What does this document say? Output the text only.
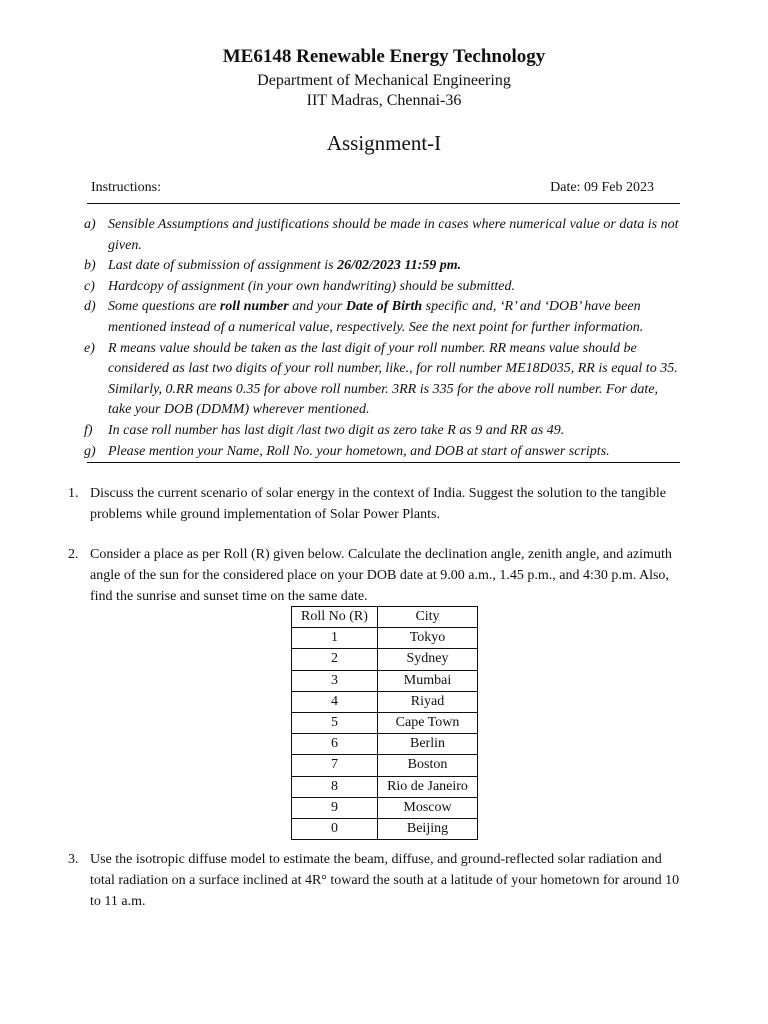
ME6148 Renewable Energy Technology
Department of Mechanical Engineering
IIT Madras, Chennai-36
Assignment-I
Instructions:	Date: 09 Feb 2023
a) Sensible Assumptions and justifications should be made in cases where numerical value or data is not given.
b) Last date of submission of assignment is 26/02/2023 11:59 pm.
c) Hardcopy of assignment (in your own handwriting) should be submitted.
d) Some questions are roll number and your Date of Birth specific and, ‘R’ and ‘DOB’ have been mentioned instead of a numerical value, respectively. See the next point for further information.
e) R means value should be taken as the last digit of your roll number. RR means value should be considered as last two digits of your roll number, like., for roll number ME18D035, RR is equal to 35. Similarly, 0.RR means 0.35 for above roll number. 3RR is 335 for the above roll number. For date, take your DOB (DDMM) wherever mentioned.
f) In case roll number has last digit /last two digit as zero take R as 9 and RR as 49.
g) Please mention your Name, Roll No. your hometown, and DOB at start of answer scripts.
1. Discuss the current scenario of solar energy in the context of India. Suggest the solution to the tangible problems while ground implementation of Solar Power Plants.
2. Consider a place as per Roll (R) given below. Calculate the declination angle, zenith angle, and azimuth angle of the sun for the considered place on your DOB date at 9.00 a.m., 1.45 p.m., and 4:30 p.m. Also, find the sunrise and sunset time on the same date.
Roll No (R)	City
1	Tokyo
2	Sydney
3	Mumbai
4	Riyad
5	Cape Town
6	Berlin
7	Boston
8	Rio de Janeiro
9	Moscow
0	Beijing
3. Use the isotropic diffuse model to estimate the beam, diffuse, and ground-reflected solar radiation and total radiation on a surface inclined at 4R° toward the south at a latitude of your hometown for around 10 to 11 a.m.
